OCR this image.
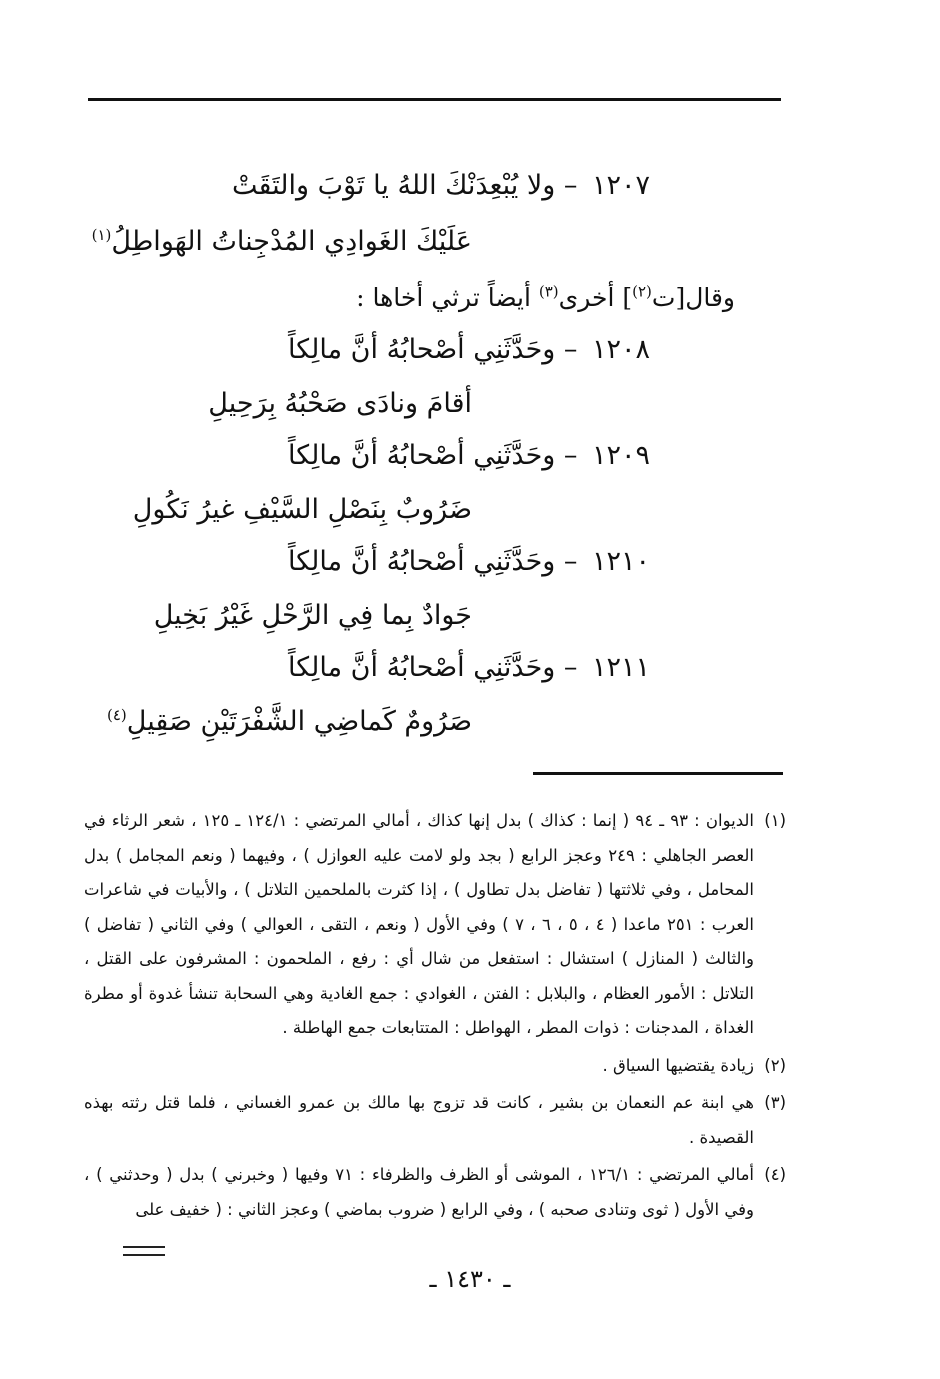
١٢٠٧ – ولا يُبْعِدَنْكَ اللهُ يا تَوْبَ والتَقَتْ
عَلَيْكَ الغَوادِي المُدْجِناتُ الهَواطِلُ$^{(١)}$
وقال[ت$^{(٢)}$] أخرى$^{(٣)}$ أيضاً ترثي أخاها :
١٢٠٨ – وحَدَّثَنِي أصْحابُهُ أنَّ مالِكاً
أقامَ ونادَى صَحْبُهُ بِرَحِيلِ
١٢٠٩ – وحَدَّثَنِي أصْحابُهُ أنَّ مالِكاً
ضَرُوبٌ بِنَصْلِ السَّيْفِ غيرُ نَكُولِ
١٢١٠ – وحَدَّثَنِي أصْحابُهُ أنَّ مالِكاً
جَوادٌ بِما فِي الرَّحْلِ غَيْرُ بَخِيلِ
١٢١١ – وحَدَّثَنِي أصْحابُهُ أنَّ مالِكاً
صَرُومٌ كَماضِي الشَّفْرَتَيْنِ صَقِيلِ$^{(٤)}$

(١)الديوان : ٩٣ ـ ٩٤ ( إنما : كذاك ) بدل إنها كذاك ، أمالي المرتضي : ١٢٤/١ ـ ١٢٥ ، شعر الرثاء في العصر الجاهلي : ٢٤٩ وعجز الرابع ( بجد ولو لامت عليه العوازل ) ، وفيهما ( ونعم المجامل ) بدل المحامل ، وفي ثلاثتها ( تفاضل بدل تطاول ) ، إذا كثرت بالملحمين التلاتل ) ، والأبيات في شاعرات العرب : ٢٥١ ماعدا ( ٤ ، ٥ ، ٦ ، ٧ ) وفي الأول ( ونعم ، التقى ، العوالي ) وفي الثاني ( تفاضل ) والثالث ( المنازل ) استشال : استفعل من شال أي : رفع ، الملحمون : المشرفون على القتل ، التلاتل : الأمور العظام ، والبلابل : الفتن ، الغوادي : جمع الغادية وهي السحابة تنشأ غدوة أو مطرة الغداة ، المدجنات : ذوات المطر ، الهواطل : المتتابعات جمع الهاطلة .

(٢)زيادة يقتضيها السياق .

(٣)هي ابنة عم النعمان بن بشير ، كانت قد تزوج بها مالك بن عمرو الغساني ، فلما قتل رثته بهذه القصيدة .

(٤)أمالي المرتضي : ١٢٦/١ ، الموشى أو الظرف والظرفاء : ٧١ وفيها ( وخبرني ) بدل ( وحدثني ) ، وفي الأول ( ثوى وتنادى صحبه ) ، وفي الرابع ( ضروب بماضي ) وعجز الثاني : ( خفيف على

ـ ١٤٣٠ ـ
